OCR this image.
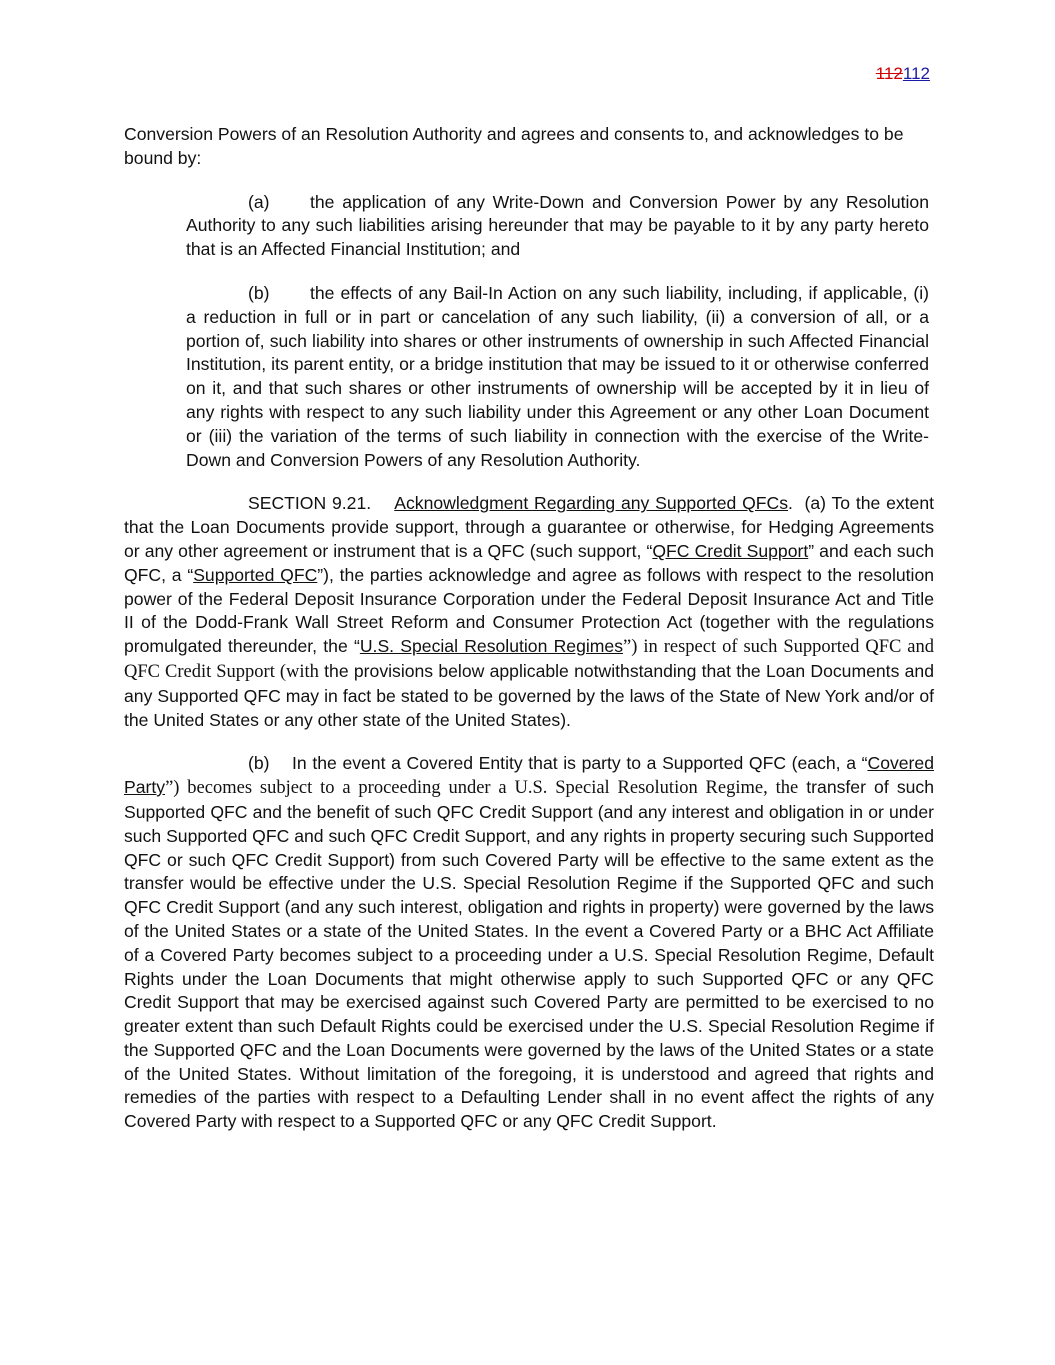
112112

Conversion Powers of an Resolution Authority and agrees and consents to, and acknowledges to be bound by:

(a) the application of any Write-Down and Conversion Power by any Resolution Authority to any such liabilities arising hereunder that may be payable to it by any party hereto that is an Affected Financial Institution; and

(b) the effects of any Bail-In Action on any such liability, including, if applicable, (i) a reduction in full or in part or cancelation of any such liability, (ii) a conversion of all, or a portion of, such liability into shares or other instruments of ownership in such Affected Financial Institution, its parent entity, or a bridge institution that may be issued to it or otherwise conferred on it, and that such shares or other instruments of ownership will be accepted by it in lieu of any rights with respect to any such liability under this Agreement or any other Loan Document or (iii) the variation of the terms of such liability in connection with the exercise of the Write-Down and Conversion Powers of any Resolution Authority.

SECTION 9.21. Acknowledgment Regarding any Supported QFCs. (a) To the extent that the Loan Documents provide support, through a guarantee or otherwise, for Hedging Agreements or any other agreement or instrument that is a QFC (such support, “QFC Credit Support” and each such QFC, a “Supported QFC”), the parties acknowledge and agree as follows with respect to the resolution power of the Federal Deposit Insurance Corporation under the Federal Deposit Insurance Act and Title II of the Dodd-Frank Wall Street Reform and Consumer Protection Act (together with the regulations promulgated thereunder, the “U.S. Special Resolution Regimes”) in respect of such Supported QFC and QFC Credit Support (with the provisions below applicable notwithstanding that the Loan Documents and any Supported QFC may in fact be stated to be governed by the laws of the State of New York and/or of the United States or any other state of the United States).

(b) In the event a Covered Entity that is party to a Supported QFC (each, a “Covered Party”) becomes subject to a proceeding under a U.S. Special Resolution Regime, the transfer of such Supported QFC and the benefit of such QFC Credit Support (and any interest and obligation in or under such Supported QFC and such QFC Credit Support, and any rights in property securing such Supported QFC or such QFC Credit Support) from such Covered Party will be effective to the same extent as the transfer would be effective under the U.S. Special Resolution Regime if the Supported QFC and such QFC Credit Support (and any such interest, obligation and rights in property) were governed by the laws of the United States or a state of the United States. In the event a Covered Party or a BHC Act Affiliate of a Covered Party becomes subject to a proceeding under a U.S. Special Resolution Regime, Default Rights under the Loan Documents that might otherwise apply to such Supported QFC or any QFC Credit Support that may be exercised against such Covered Party are permitted to be exercised to no greater extent than such Default Rights could be exercised under the U.S. Special Resolution Regime if the Supported QFC and the Loan Documents were governed by the laws of the United States or a state of the United States. Without limitation of the foregoing, it is understood and agreed that rights and remedies of the parties with respect to a Defaulting Lender shall in no event affect the rights of any Covered Party with respect to a Supported QFC or any QFC Credit Support.
